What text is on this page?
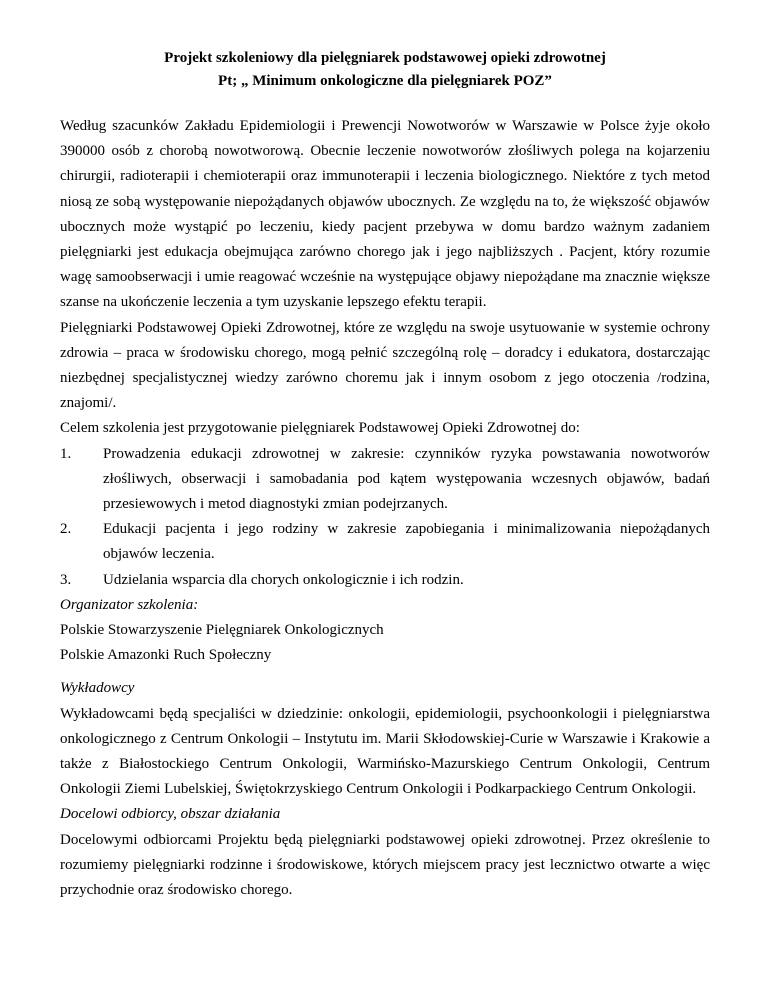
Projekt szkoleniowy dla pielęgniarek podstawowej opieki zdrowotnej

Pt; „ Minimum onkologiczne dla pielęgniarek POZ”

Według szacunków Zakładu Epidemiologii i Prewencji Nowotworów w Warszawie w Polsce żyje około 390000 osób z chorobą nowotworową. Obecnie leczenie nowotworów złośliwych polega na kojarzeniu chirurgii, radioterapii i chemioterapii oraz immunoterapii i leczenia biologicznego. Niektóre z tych metod niosą ze sobą występowanie niepożądanych objawów ubocznych. Ze względu na to, że większość objawów ubocznych może wystąpić po leczeniu, kiedy pacjent przebywa w domu bardzo ważnym zadaniem pielęgniarki jest edukacja obejmująca zarówno chorego jak i jego najbliższych . Pacjent, który rozumie wagę samoobserwacji i umie reagować wcześnie na występujące objawy niepożądane ma znacznie większe szanse na ukończenie leczenia a tym uzyskanie lepszego efektu terapii.

Pielęgniarki Podstawowej Opieki Zdrowotnej, które ze względu na swoje usytuowanie w systemie ochrony zdrowia – praca w środowisku chorego, mogą pełnić szczególną rolę – doradcy i edukatora, dostarczając niezbędnej specjalistycznej wiedzy zarówno choremu jak i innym osobom z jego otoczenia /rodzina, znajomi/.

Celem szkolenia jest przygotowanie pielęgniarek Podstawowej Opieki Zdrowotnej do:

1.	Prowadzenia edukacji zdrowotnej w zakresie: czynników ryzyka powstawania nowotworów złośliwych, obserwacji i samobadania pod kątem występowania wczesnych objawów, badań przesiewowych i metod diagnostyki zmian podejrzanych.
2.	Edukacji pacjenta i jego rodziny w zakresie zapobiegania i minimalizowania niepożądanych objawów leczenia.
3.	Udzielania wsparcia dla chorych onkologicznie i ich rodzin.

Organizator szkolenia:

Polskie Stowarzyszenie Pielęgniarek Onkologicznych

Polskie Amazonki Ruch Społeczny

Wykładowcy

Wykładowcami będą specjaliści w dziedzinie: onkologii, epidemiologii, psychoonkologii i pielęgniarstwa onkologicznego z Centrum Onkologii – Instytutu im. Marii Skłodowskiej-Curie w Warszawie i Krakowie a także z Białostockiego Centrum Onkologii, Warmińsko-Mazurskiego Centrum Onkologii, Centrum Onkologii Ziemi Lubelskiej, Świętokrzyskiego Centrum Onkologii i Podkarpackiego Centrum Onkologii.

Docelowi odbiorcy, obszar działania

Docelowymi odbiorcami Projektu będą pielęgniarki podstawowej opieki zdrowotnej. Przez określenie to rozumiemy pielęgniarki rodzinne i środowiskowe, których miejscem pracy jest lecznictwo otwarte a więc przychodnie oraz środowisko chorego.
